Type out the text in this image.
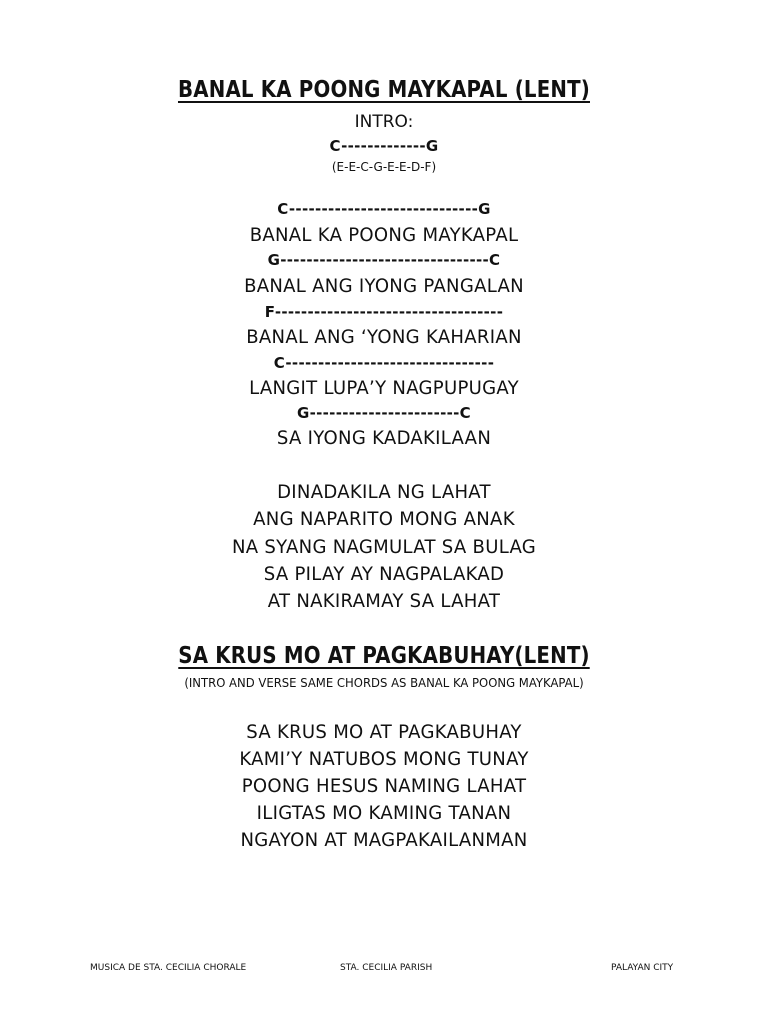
BANAL KA POONG MAYKAPAL (LENT)
INTRO:
C-------------G
(E-E-C-G-E-E-D-F)
C-----------------------------G
BANAL KA POONG MAYKAPAL
G--------------------------------C
BANAL ANG IYONG PANGALAN
F-----------------------------------
BANAL ANG ‘YONG KAHARIAN
C--------------------------------
LANGIT LUPA’Y NAGPUPUGAY
G-----------------------C
SA IYONG KADAKILAAN
DINADAKILA NG LAHAT
ANG NAPARITO MONG ANAK
NA SYANG NAGMULAT SA BULAG
SA PILAY AY NAGPALAKAD
AT NAKIRAMAY SA LAHAT
SA KRUS MO AT PAGKABUHAY(LENT)
(INTRO AND VERSE SAME CHORDS AS BANAL KA POONG MAYKAPAL)
SA KRUS MO AT PAGKABUHAY
KAMI’Y NATUBOS MONG TUNAY
POONG HESUS NAMING LAHAT
ILIGTAS MO KAMING TANAN
NGAYON AT MAGPAKAILANMAN
MUSICA DE STA. CECILIA CHORALE	STA. CECILIA PARISH	PALAYAN CITY
